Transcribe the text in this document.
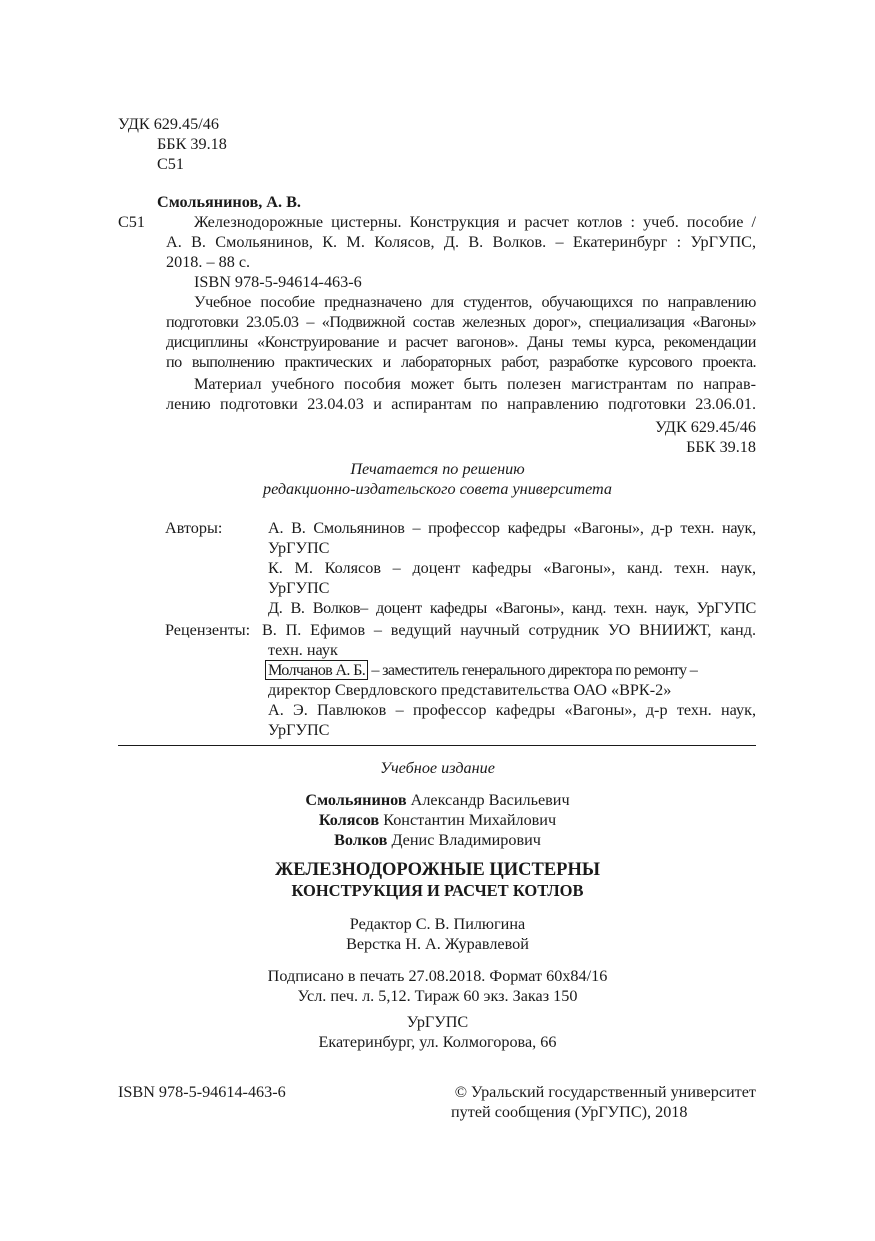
УДК 629.45/46
ББК 39.18
С51
Смольянинов, А. В.
С51	Железнодорожные цистерны. Конструкция и расчет котлов : учеб. пособие /
А. В. Смольянинов, К. М. Колясов, Д. В. Волков. – Екатеринбург : УрГУПС,
2018. – 88 с.
ISBN 978-5-94614-463-6
Учебное пособие предназначено для студентов, обучающихся по направлению
подготовки 23.05.03 – «Подвижной состав железных дорог», специализация «Вагоны»
дисциплины «Конструирование и расчет вагонов». Даны темы курса, рекомендации
по выполнению практических и лабораторных работ, разработке курсового проекта.
Материал учебного пособия может быть полезен магистрантам по направ-
лению подготовки 23.04.03 и аспирантам по направлению подготовки 23.06.01.
УДК 629.45/46
ББК 39.18
Печатается по решению
редакционно-издательского совета университета
Авторы:	А. В. Смольянинов – профессор кафедры «Вагоны», д-р техн. наук,
УрГУПС
К. М. Колясов – доцент кафедры «Вагоны», канд. техн. наук,
УрГУПС
Д. В. Волков– доцент кафедры «Вагоны», канд. техн. наук, УрГУПС
Рецензенты: В. П. Ефимов – ведущий научный сотрудник УО ВНИИЖТ, канд.
техн. наук
Молчанов А. Б. – заместитель генерального директора по ремонту –
директор Свердловского представительства ОАО «ВРК-2»
А. Э. Павлюков – профессор кафедры «Вагоны», д-р техн. наук,
УрГУПС
Учебное издание
Смольянинов Александр Васильевич
Колясов Константин Михайлович
Волков Денис Владимирович
ЖЕЛЕЗНОДОРОЖНЫЕ ЦИСТЕРНЫ
КОНСТРУКЦИЯ И РАСЧЕТ КОТЛОВ
Редактор С. В. Пилюгина
Верстка Н. А. Журавлевой
Подписано в печать 27.08.2018. Формат 60х84/16
Усл. печ. л. 5,12. Тираж 60 экз. Заказ 150
УрГУПС
Екатеринбург, ул. Колмогорова, 66
ISBN 978-5-94614-463-6	© Уральский государственный университет
путей сообщения (УрГУПС), 2018
